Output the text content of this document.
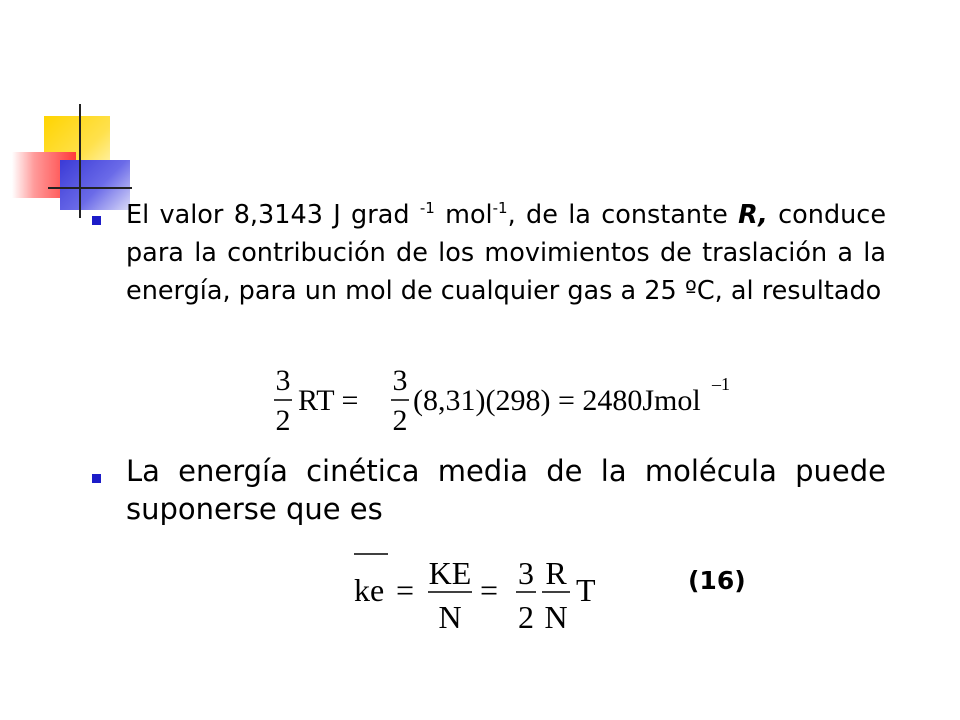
El valor 8,3143 J grad $^{-1}$ mol$^{-1}$, de la constante R, conduce para la contribución de los movimientos de traslación a la energía, para un mol de cualquier gas a 25 ºC, al resultado

3
2
RT =
3
2
(8,31)(298) = 2480Jmol –1

La energía cinética media de la molécula puede suponerse que es

ke = KE
N
= 3
2
R
N
T	(16)
